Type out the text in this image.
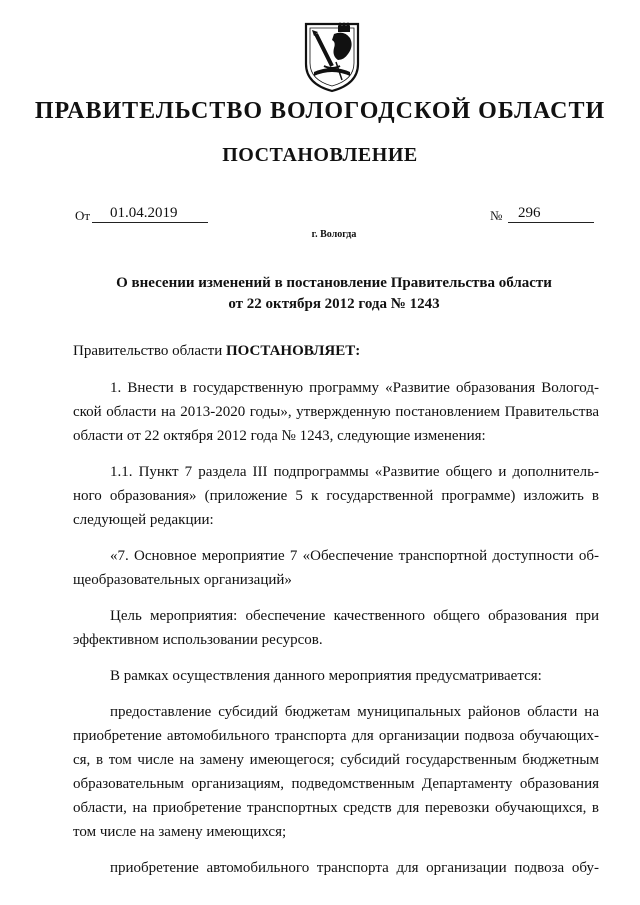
ПРАВИТЕЛЬСТВО ВОЛОГОДСКОЙ ОБЛАСТИ
ПОСТАНОВЛЕНИЕ
От	01.04.2019	№	296
г. Вологда
О внесении изменений в постановление Правительства области
от 22 октября 2012 года № 1243
Правительство области ПОСТАНОВЛЯЕТ:
1. Внести в государственную программу «Развитие образования Вологод-
ской области на 2013-2020 годы», утвержденную постановлением Правительства
области от 22 октября 2012 года № 1243, следующие изменения:
1.1. Пункт 7 раздела III подпрограммы «Развитие общего и дополнитель-
ного образования» (приложение 5 к государственной программе) изложить в
следующей редакции:
«7. Основное мероприятие 7 «Обеспечение транспортной доступности об-
щеобразовательных организаций»
Цель мероприятия: обеспечение качественного общего образования при
эффективном использовании ресурсов.
В рамках осуществления данного мероприятия предусматривается:
предоставление субсидий бюджетам муниципальных районов области на
приобретение автомобильного транспорта для организации подвоза обучающих-
ся, в том числе на замену имеющегося; субсидий государственным бюджетным
образовательным организациям, подведомственным Департаменту образования
области, на приобретение транспортных средств для перевозки обучающихся, в
том числе на замену имеющихся;
приобретение автомобильного транспорта для организации подвоза обу-
